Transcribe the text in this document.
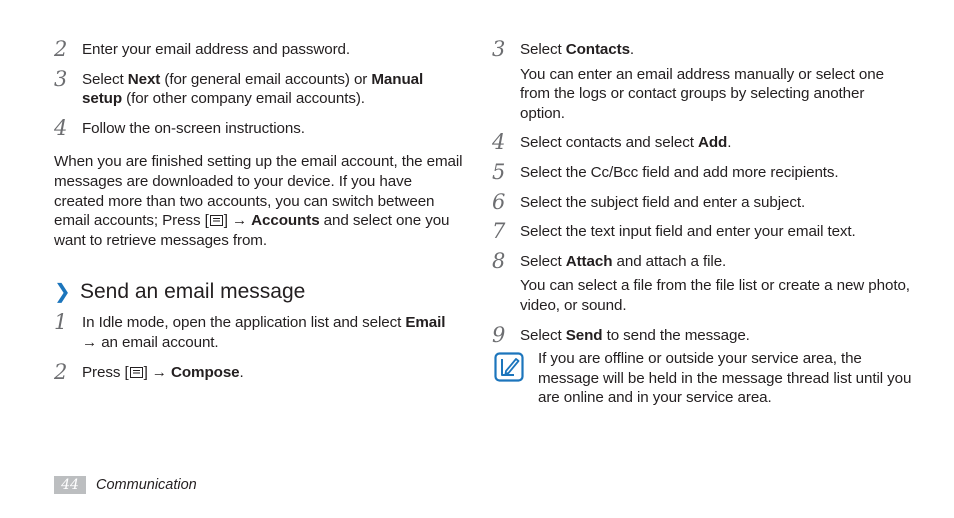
2 Enter your email address and password.
3 Select Next (for general email accounts) or Manual setup (for other company email accounts).
4 Follow the on-screen instructions.
When you are finished setting up the email account, the email messages are downloaded to your device. If you have created more than two accounts, you can switch between email accounts; Press [ ] → Accounts and select one you want to retrieve messages from.
❯ Send an email message
1 In Idle mode, open the application list and select Email → an email account.
2 Press [ ] → Compose.
3 Select Contacts.
You can enter an email address manually or select one from the logs or contact groups by selecting another option.
4 Select contacts and select Add.
5 Select the Cc/Bcc field and add more recipients.
6 Select the subject field and enter a subject.
7 Select the text input field and enter your email text.
8 Select Attach and attach a file.
You can select a file from the file list or create a new photo, video, or sound.
9 Select Send to send the message.
If you are offline or outside your service area, the message will be held in the message thread list until you are online and in your service area.
44	Communication
